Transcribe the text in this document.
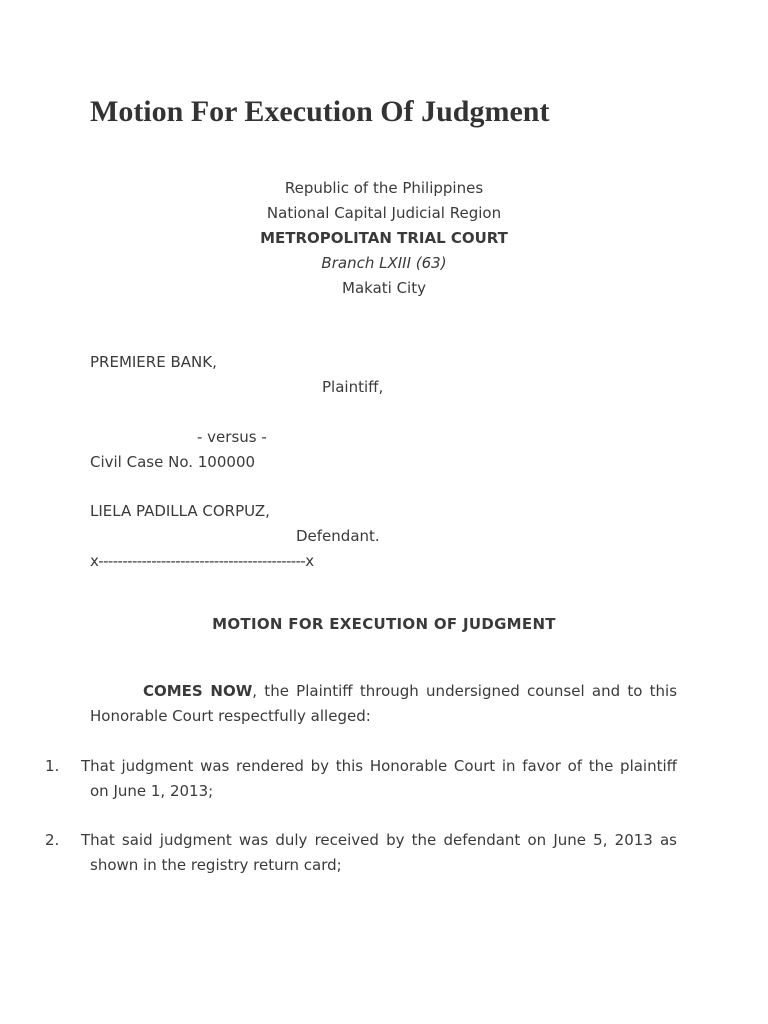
Motion For Execution Of Judgment
Republic of the Philippines
National Capital Judicial Region
METROPOLITAN TRIAL COURT
Branch LXIII (63)
Makati City
PREMIERE BANK,
Plaintiff,
- versus -
Civil Case No. 100000
LIELA PADILLA CORPUZ,
Defendant.
x-------------------------------------------x
MOTION FOR EXECUTION OF JUDGMENT
COMES NOW, the Plaintiff through undersigned counsel and to this Honorable Court respectfully alleged:
1. That judgment was rendered by this Honorable Court in favor of the plaintiff on June 1, 2013;
2. That said judgment was duly received by the defendant on June 5, 2013 as shown in the registry return card;
